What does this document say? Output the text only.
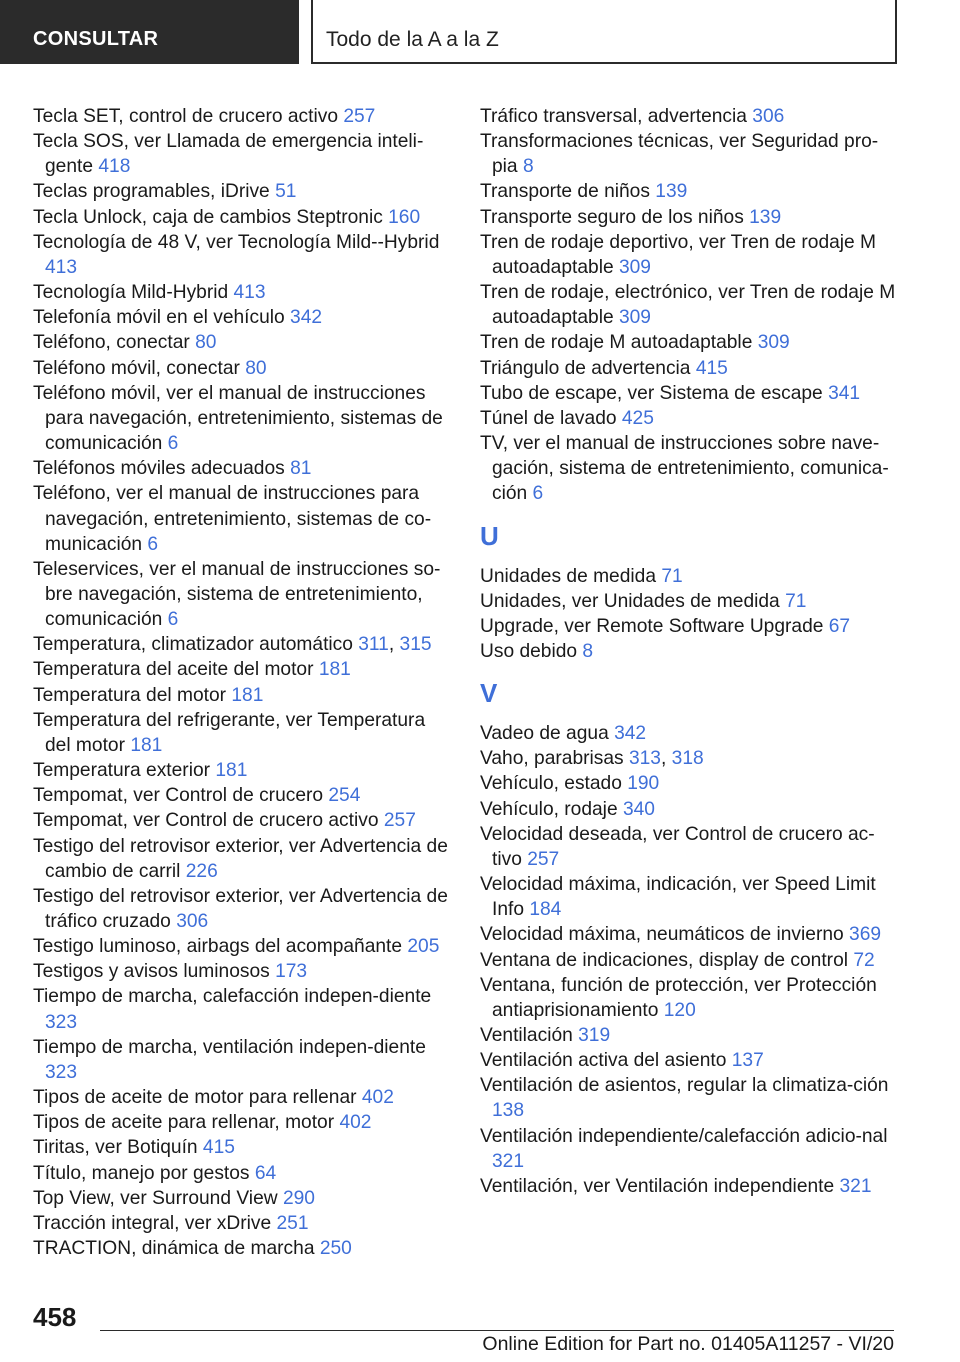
CONSULTAR	Todo de la A a la Z
Tecla SET, control de crucero activo 257
Tecla SOS, ver Llamada de emergencia inteli-gente 418
Teclas programables, iDrive 51
Tecla Unlock, caja de cambios Steptronic 160
Tecnología de 48 V, ver Tecnología Mild--Hybrid 413
Tecnología Mild-Hybrid 413
Telefonía móvil en el vehículo 342
Teléfono, conectar 80
Teléfono móvil, conectar 80
Teléfono móvil, ver el manual de instrucciones para navegación, entretenimiento, sistemas de comunicación 6
Teléfonos móviles adecuados 81
Teléfono, ver el manual de instrucciones para navegación, entretenimiento, sistemas de co-municación 6
Teleservices, ver el manual de instrucciones so-bre navegación, sistema de entretenimiento, comunicación 6
Temperatura, climatizador automático 311, 315
Temperatura del aceite del motor 181
Temperatura del motor 181
Temperatura del refrigerante, ver Temperatura del motor 181
Temperatura exterior 181
Tempomat, ver Control de crucero 254
Tempomat, ver Control de crucero activo 257
Testigo del retrovisor exterior, ver Advertencia de cambio de carril 226
Testigo del retrovisor exterior, ver Advertencia de tráfico cruzado 306
Testigo luminoso, airbags del acompañante 205
Testigos y avisos luminosos 173
Tiempo de marcha, calefacción indepen-diente 323
Tiempo de marcha, ventilación indepen-diente 323
Tipos de aceite de motor para rellenar 402
Tipos de aceite para rellenar, motor 402
Tiritas, ver Botiquín 415
Título, manejo por gestos 64
Top View, ver Surround View 290
Tracción integral, ver xDrive 251
TRACTION, dinámica de marcha 250
Tráfico transversal, advertencia 306
Transformaciones técnicas, ver Seguridad pro-pia 8
Transporte de niños 139
Transporte seguro de los niños 139
Tren de rodaje deportivo, ver Tren de rodaje M autoadaptable 309
Tren de rodaje, electrónico, ver Tren de rodaje M autoadaptable 309
Tren de rodaje M autoadaptable 309
Triángulo de advertencia 415
Tubo de escape, ver Sistema de escape 341
Túnel de lavado 425
TV, ver el manual de instrucciones sobre nave-gación, sistema de entretenimiento, comunica-ción 6
U
Unidades de medida 71
Unidades, ver Unidades de medida 71
Upgrade, ver Remote Software Upgrade 67
Uso debido 8
V
Vadeo de agua 342
Vaho, parabrisas 313, 318
Vehículo, estado 190
Vehículo, rodaje 340
Velocidad deseada, ver Control de crucero ac-tivo 257
Velocidad máxima, indicación, ver Speed Limit Info 184
Velocidad máxima, neumáticos de invierno 369
Ventana de indicaciones, display de control 72
Ventana, función de protección, ver Protección antiaprisionamiento 120
Ventilación 319
Ventilación activa del asiento 137
Ventilación de asientos, regular la climatiza-ción 138
Ventilación independiente/calefacción adicio-nal 321
Ventilación, ver Ventilación independiente 321
458
Online Edition for Part no. 01405A11257 - VI/20
